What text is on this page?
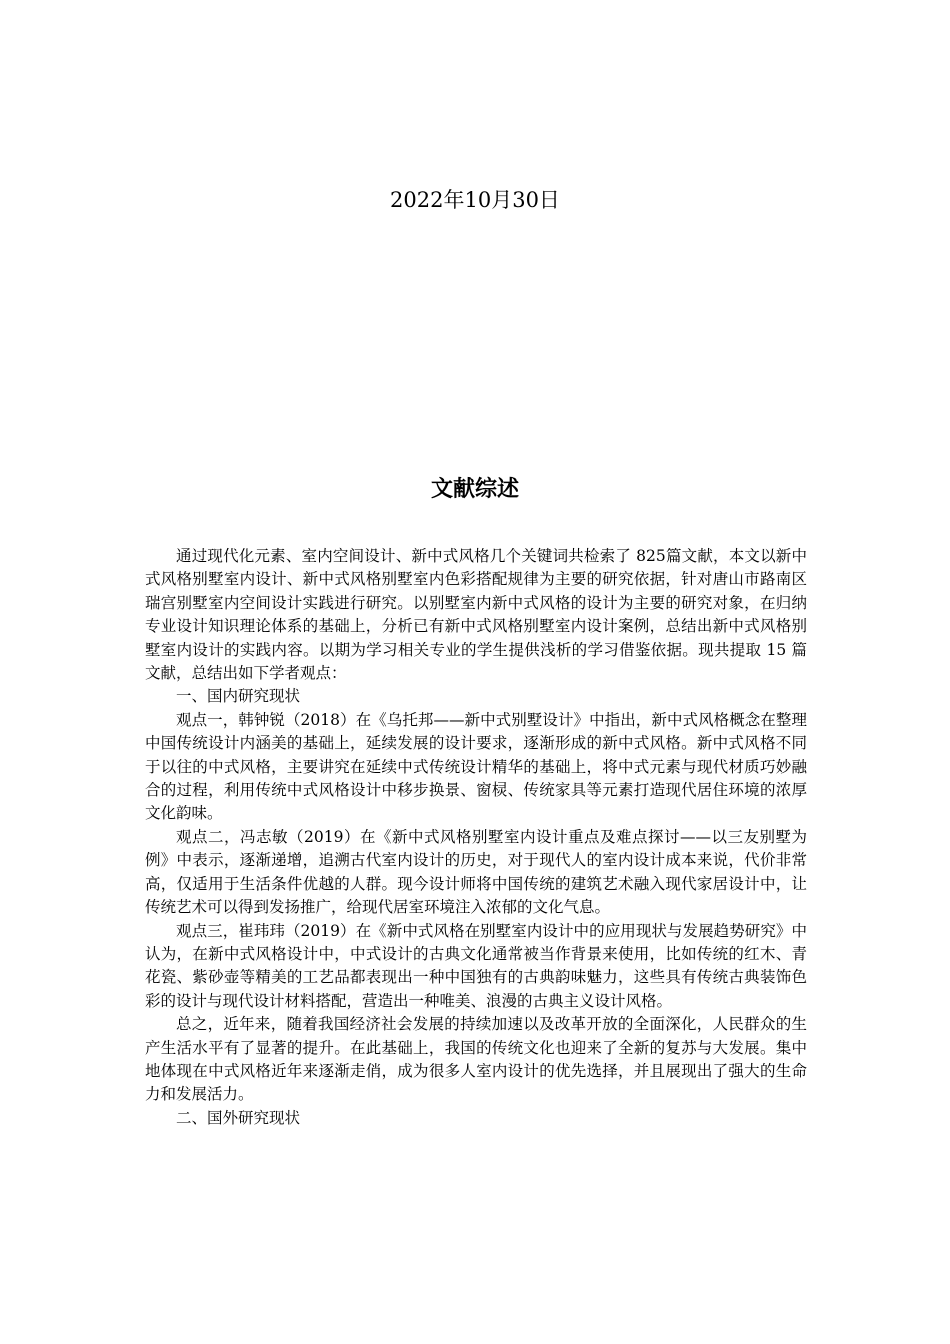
2022年10月30日
文献综述

通过现代化元素、室内空间设计、新中式风格几个关键词共检索了 825篇文献，本文以新中式风格别墅室内设计、新中式风格别墅室内色彩搭配规律为主要的研究依据，针对唐山市路南区瑞宫别墅室内空间设计实践进行研究。以别墅室内新中式风格的设计为主要的研究对象，在归纳专业设计知识理论体系的基础上，分析已有新中式风格别墅室内设计案例，总结出新中式风格别墅室内设计的实践内容。以期为学习相关专业的学生提供浅析的学习借鉴依据。现共提取 15 篇文献，总结出如下学者观点：

一、国内研究现状

观点一，韩钟锐（2018）在《乌托邦——新中式别墅设计》中指出，新中式风格概念在整理中国传统设计内涵美的基础上，延续发展的设计要求，逐渐形成的新中式风格。新中式风格不同于以往的中式风格，主要讲究在延续中式传统设计精华的基础上，将中式元素与现代材质巧妙融合的过程，利用传统中式风格设计中移步换景、窗棂、传统家具等元素打造现代居住环境的浓厚文化韵味。

观点二，冯志敏（2019）在《新中式风格别墅室内设计重点及难点探讨——以三友别墅为例》中表示，逐渐递增，追溯古代室内设计的历史，对于现代人的室内设计成本来说，代价非常高，仅适用于生活条件优越的人群。现今设计师将中国传统的建筑艺术融入现代家居设计中，让传统艺术可以得到发扬推广，给现代居室环境注入浓郁的文化气息。

观点三，崔玮玮（2019）在《新中式风格在别墅室内设计中的应用现状与发展趋势研究》中认为，在新中式风格设计中，中式设计的古典文化通常被当作背景来使用，比如传统的红木、青花瓷、紫砂壶等精美的工艺品都表现出一种中国独有的古典韵味魅力，这些具有传统古典装饰色彩的设计与现代设计材料搭配，营造出一种唯美、浪漫的古典主义设计风格。

总之，近年来，随着我国经济社会发展的持续加速以及改革开放的全面深化，人民群众的生产生活水平有了显著的提升。在此基础上，我国的传统文化也迎来了全新的复苏与大发展。集中地体现在中式风格近年来逐渐走俏，成为很多人室内设计的优先选择，并且展现出了强大的生命力和发展活力。

二、国外研究现状
